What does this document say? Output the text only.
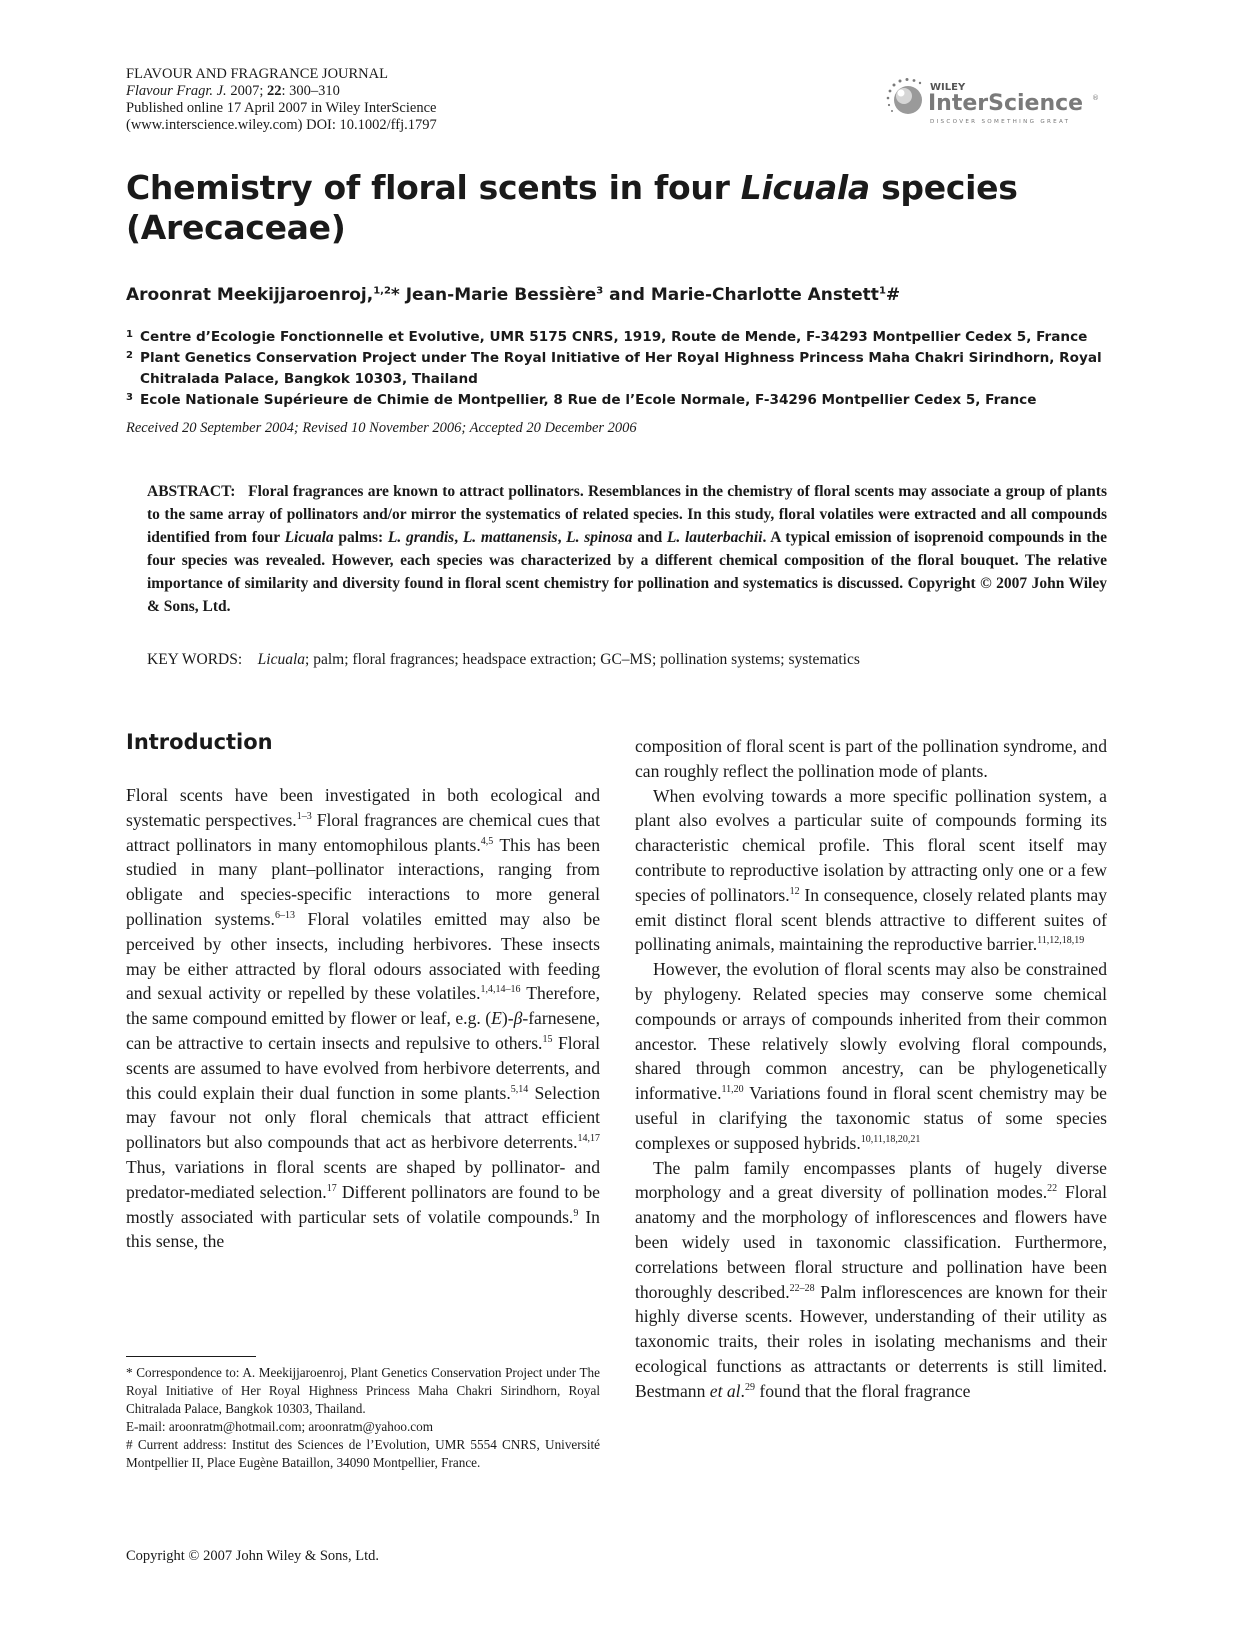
FLAVOUR AND FRAGRANCE JOURNAL
Flavour Fragr. J. 2007; 22: 300–310
Published online 17 April 2007 in Wiley InterScience
(www.interscience.wiley.com) DOI: 10.1002/ffj.1797
WILEY
InterScience ®
DISCOVER SOMETHING GREAT
Chemistry of floral scents in four Licuala species (Arecaceae)
Aroonrat Meekijjaroenroj,$^{1,2}$* Jean-Marie Bessière$^3$ and Marie-Charlotte Anstett$^1$#
1 Centre d’Ecologie Fonctionnelle et Evolutive, UMR 5175 CNRS, 1919, Route de Mende, F-34293 Montpellier Cedex 5, France
2 Plant Genetics Conservation Project under The Royal Initiative of Her Royal Highness Princess Maha Chakri Sirindhorn, Royal Chitralada Palace, Bangkok 10303, Thailand
3 Ecole Nationale Supérieure de Chimie de Montpellier, 8 Rue de l’Ecole Normale, F-34296 Montpellier Cedex 5, France
Received 20 September 2004; Revised 10 November 2006; Accepted 20 December 2006

ABSTRACT: Floral fragrances are known to attract pollinators. Resemblances in the chemistry of floral scents may associate a group of plants to the same array of pollinators and/or mirror the systematics of related species. In this study, floral volatiles were extracted and all compounds identified from four Licuala palms: L. grandis, L. mattanensis, L. spinosa and L. lauterbachii. A typical emission of isoprenoid compounds in the four species was revealed. However, each species was characterized by a different chemical composition of the floral bouquet. The relative importance of similarity and diversity found in floral scent chemistry for pollination and systematics is discussed. Copyright © 2007 John Wiley & Sons, Ltd.

KEY WORDS: Licuala; palm; floral fragrances; headspace extraction; GC–MS; pollination systems; systematics
Introduction

Floral scents have been investigated in both ecological and systematic perspectives.$^{1-3}$ Floral fragrances are chemical cues that attract pollinators in many entomophilous plants.$^{4,5}$ This has been studied in many plant–pollinator interactions, ranging from obligate and species-specific interactions to more general pollination systems.$^{6-13}$ Floral volatiles emitted may also be perceived by other insects, including herbivores. These insects may be either attracted by floral odours associated with feeding and sexual activity or repelled by these volatiles.$^{1,4,14-16}$ Therefore, the same compound emitted by flower or leaf, e.g. (E)-β-farnesene, can be attractive to certain insects and repulsive to others.$^{15}$ Floral scents are assumed to have evolved from herbivore deterrents, and this could explain their dual function in some plants.$^{5,14}$ Selection may favour not only floral chemicals that attract efficient pollinators but also compounds that act as herbivore deterrents.$^{14,17}$ Thus, variations in floral scents are shaped by pollinator- and predator-mediated selection.$^{17}$ Different pollinators are found to be mostly associated with particular sets of volatile compounds.$^9$ In this sense, the

composition of floral scent is part of the pollination syndrome, and can roughly reflect the pollination mode of plants.

When evolving towards a more specific pollination system, a plant also evolves a particular suite of compounds forming its characteristic chemical profile. This floral scent itself may contribute to reproductive isolation by attracting only one or a few species of pollinators.$^{12}$ In consequence, closely related plants may emit distinct floral scent blends attractive to different suites of pollinating animals, maintaining the reproductive barrier.$^{11,12,18,19}$

However, the evolution of floral scents may also be constrained by phylogeny. Related species may conserve some chemical compounds or arrays of compounds inherited from their common ancestor. These relatively slowly evolving floral compounds, shared through common ancestry, can be phylogenetically informative.$^{11,20}$ Variations found in floral scent chemistry may be useful in clarifying the taxonomic status of some species complexes or supposed hybrids.$^{10,11,18,20,21}$

The palm family encompasses plants of hugely diverse morphology and a great diversity of pollination modes.$^{22}$ Floral anatomy and the morphology of inflorescences and flowers have been widely used in taxonomic classification. Furthermore, correlations between floral structure and pollination have been thoroughly described.$^{22-28}$ Palm inflorescences are known for their highly diverse scents. However, understanding of their utility as taxonomic traits, their roles in isolating mechanisms and their ecological functions as attractants or deterrents is still limited. Bestmann et al.$^{29}$ found that the floral fragrance

* Correspondence to: A. Meekijjaroenroj, Plant Genetics Conservation Project under The Royal Initiative of Her Royal Highness Princess Maha Chakri Sirindhorn, Royal Chitralada Palace, Bangkok 10303, Thailand.

E-mail: aroonratm@hotmail.com; aroonratm@yahoo.com

# Current address: Institut des Sciences de l’Evolution, UMR 5554 CNRS, Université Montpellier II, Place Eugène Bataillon, 34090 Montpellier, France.

Copyright © 2007 John Wiley & Sons, Ltd.
